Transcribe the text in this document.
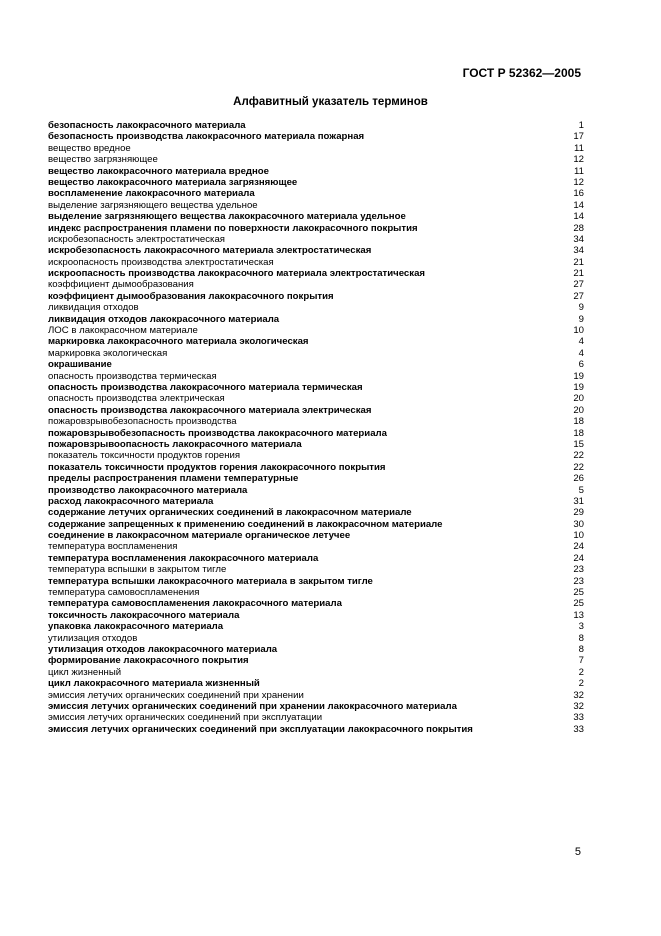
ГОСТ Р 52362—2005
Алфавитный указатель терминов
безопасность лакокрасочного материала	1
безопасность производства лакокрасочного материала пожарная	17
вещество вредное	11
вещество загрязняющее	12
вещество лакокрасочного материала вредное	11
вещество лакокрасочного материала загрязняющее	12
воспламенение лакокрасочного материала	16
выделение загрязняющего вещества удельное	14
выделение загрязняющего вещества лакокрасочного материала удельное	14
индекс распространения пламени по поверхности лакокрасочного покрытия	28
искробезопасность электростатическая	34
искробезопасность лакокрасочного материала электростатическая	34
искроопасность производства электростатическая	21
искроопасность производства лакокрасочного материала электростатическая	21
коэффициент дымообразования	27
коэффициент дымообразования лакокрасочного покрытия	27
ликвидация отходов	9
ликвидация отходов лакокрасочного материала	9
ЛОС в лакокрасочном материале	10
маркировка лакокрасочного материала экологическая	4
маркировка экологическая	4
окрашивание	6
опасность производства термическая	19
опасность производства лакокрасочного материала термическая	19
опасность производства электрическая	20
опасность производства лакокрасочного материала электрическая	20
пожаровзрывобезопасность производства	18
пожаровзрывобезопасность производства лакокрасочного материала	18
пожаровзрывоопасность лакокрасочного материала	15
показатель токсичности продуктов горения	22
показатель токсичности продуктов горения лакокрасочного покрытия	22
пределы распространения пламени температурные	26
производство лакокрасочного материала	5
расход лакокрасочного материала	31
содержание летучих органических соединений в лакокрасочном материале	29
содержание запрещенных к применению соединений в лакокрасочном материале	30
соединение в лакокрасочном материале органическое летучее	10
температура воспламенения	24
температура воспламенения лакокрасочного материала	24
температура вспышки в закрытом тигле	23
температура вспышки лакокрасочного материала в закрытом тигле	23
температура самовоспламенения	25
температура самовоспламенения лакокрасочного материала	25
токсичность лакокрасочного материала	13
упаковка лакокрасочного материала	3
утилизация отходов	8
утилизация отходов лакокрасочного материала	8
формирование лакокрасочного покрытия	7
цикл жизненный	2
цикл лакокрасочного материала жизненный	2
эмиссия летучих органических соединений при хранении	32
эмиссия летучих органических соединений при хранении лакокрасочного материала	32
эмиссия летучих органических соединений при эксплуатации	33
эмиссия летучих органических соединений при эксплуатации лакокрасочного покрытия	33
5
